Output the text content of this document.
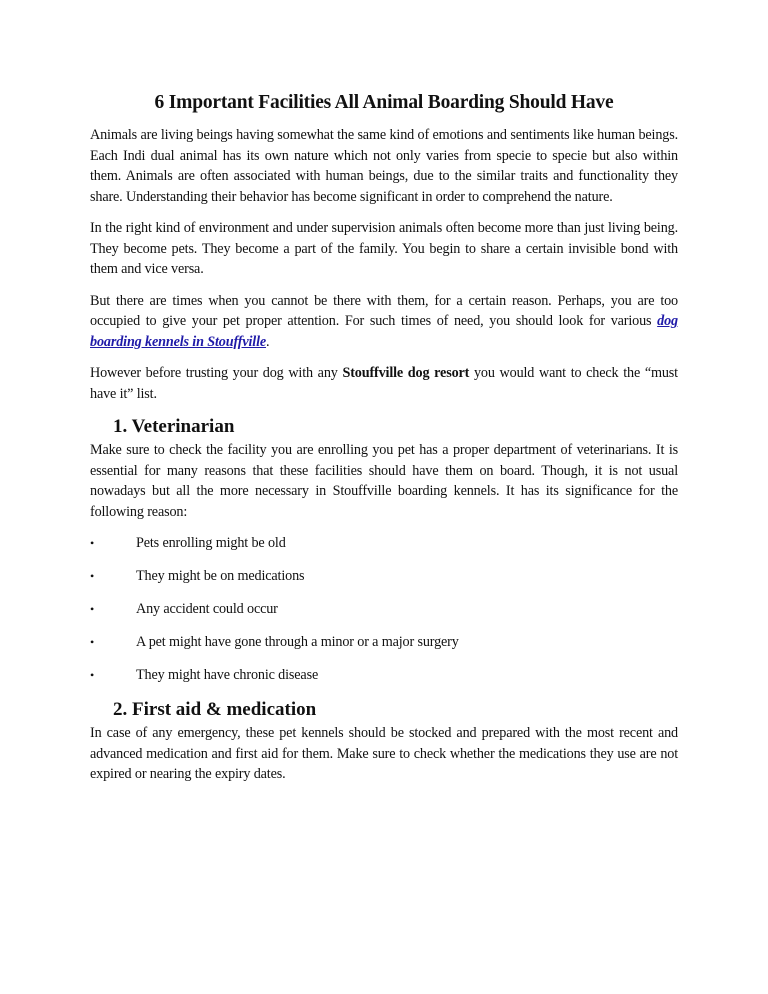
6 Important Facilities All Animal Boarding Should Have

Animals are living beings having somewhat the same kind of emotions and sentiments like human beings. Each Indi dual animal has its own nature which not only varies from specie to specie but also within them. Animals are often associated with human beings, due to the similar traits and functionality they share. Understanding their behavior has become significant in order to comprehend the nature.

In the right kind of environment and under supervision animals often become more than just living being. They become pets. They become a part of the family. You begin to share a certain invisible bond with them and vice versa.

But there are times when you cannot be there with them, for a certain reason. Perhaps, you are too occupied to give your pet proper attention. For such times of need, you should look for various dog boarding kennels in Stouffville.

However before trusting your dog with any Stouffville dog resort you would want to check the “must have it” list.

1. Veterinarian

Make sure to check the facility you are enrolling you pet has a proper department of veterinarians. It is essential for many reasons that these facilities should have them on board. Though, it is not usual nowadays but all the more necessary in Stouffville boarding kennels. It has its significance for the following reason:

•	Pets enrolling might be old
•	They might be on medications
•	Any accident could occur
•	A pet might have gone through a minor or a major surgery
•	They might have chronic disease
2. First aid & medication

In case of any emergency, these pet kennels should be stocked and prepared with the most recent and advanced medication and first aid for them. Make sure to check whether the medications they use are not expired or nearing the expiry dates.
